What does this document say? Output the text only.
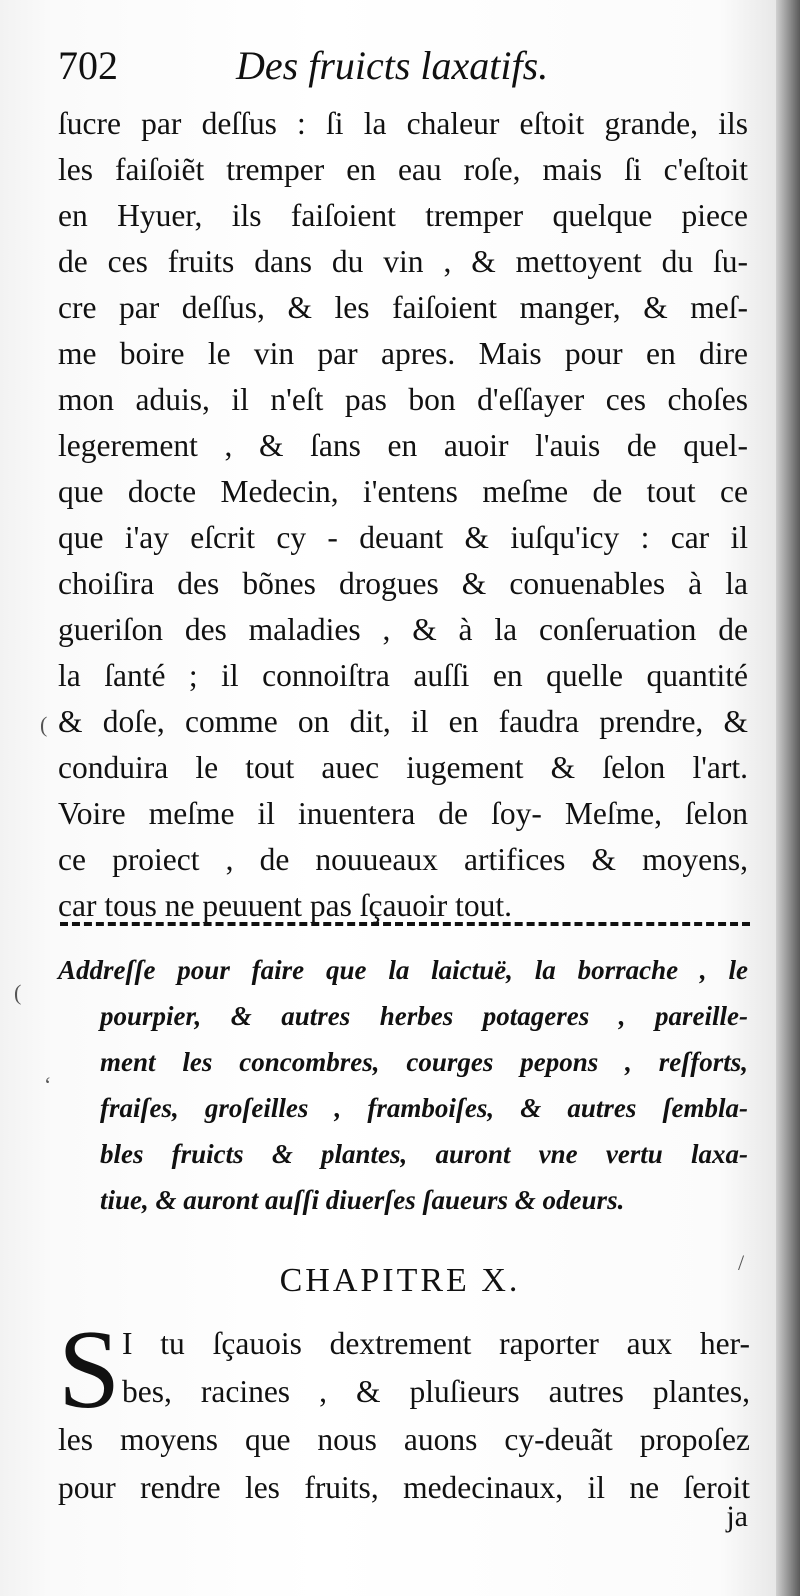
702	Des fruicts laxatifs.
ſucre par deſſus : ſi la chaleur eſtoit grande, ils
les faiſoiẽt tremper en eau roſe, mais ſi c'eſtoit
en Hyuer, ils faiſoient tremper quelque piece
de ces fruits dans du vin , & mettoyent du ſu-
cre par deſſus, & les faiſoient manger, & meſ-
me boire le vin par apres. Mais pour en dire
mon aduis, il n'eſt pas bon d'eſſayer ces choſes
legerement , & ſans en auoir l'auis de quel-
que docte Medecin, i'entens meſme de tout ce
que i'ay eſcrit cy - deuant & iuſqu'icy : car il
choiſira des bõnes drogues & conuenables à la
gueriſon des maladies , & à la conſeruation de
la ſanté ; il connoiſtra auſſi en quelle quantité
& doſe, comme on dit, il en faudra prendre, &
conduira le tout auec iugement & ſelon l'art.
Voire meſme il inuentera de ſoy- Meſme, ſelon
ce proiect , de nouueaux artifices & moyens,
car tous ne peuuent pas ſçauoir tout.
Addreſſe pour faire que la laictuë, la borrache , le
pourpier, & autres herbes potageres , pareille-
ment les concombres, courges pepons , reſforts,
fraiſes, groſeilles , framboiſes, & autres ſembla-
bles fruicts & plantes, auront vne vertu laxa-
tiue, & auront auſſi diuerſes ſaueurs & odeurs.
CHAPITRE X.
S I tu ſçauois dextrement raporter aux her-
bes, racines , & pluſieurs autres plantes,
les moyens que nous auons cy-deuãt propoſez
pour rendre les fruits, medecinaux, il ne ſeroit
ja
(
(
ʻ
/
